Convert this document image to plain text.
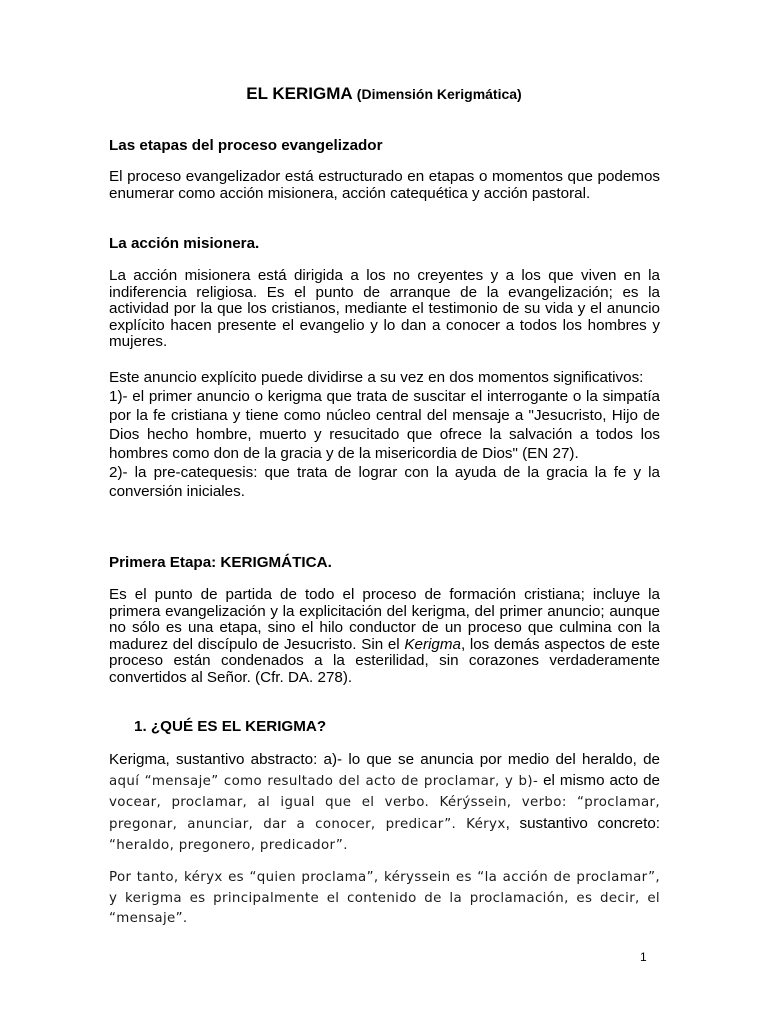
EL KERIGMA (Dimensión Kerigmática)
Las etapas del proceso evangelizador
El proceso evangelizador está estructurado en etapas o momentos que podemos enumerar como acción misionera, acción catequética y acción pastoral.
La acción misionera.
La acción misionera está dirigida a los no creyentes y a los que viven en la indiferencia religiosa. Es el punto de arranque de la evangelización; es la actividad por la que los cristianos, mediante el testimonio de su vida y el anuncio explícito hacen presente el evangelio y lo dan a conocer a todos los hombres y mujeres.
Este anuncio explícito puede dividirse a su vez en dos momentos significativos:
1)- el primer anuncio o kerigma que trata de suscitar el interrogante o la simpatía por la fe cristiana y tiene como núcleo central del mensaje a "Jesucristo, Hijo de Dios hecho hombre, muerto y resucitado que ofrece la salvación a todos los hombres como don de la gracia y de la misericordia de Dios" (EN 27).
2)- la pre-catequesis: que trata de lograr con la ayuda de la gracia la fe y la conversión iniciales.
Primera Etapa: KERIGMÁTICA.
Es el punto de partida de todo el proceso de formación cristiana; incluye la primera evangelización y la explicitación del kerigma, del primer anuncio; aunque no sólo es una etapa, sino el hilo conductor de un proceso que culmina con la madurez del discípulo de Jesucristo. Sin el Kerigma, los demás aspectos de este proceso están condenados a la esterilidad, sin corazones verdaderamente convertidos al Señor. (Cfr. DA. 278).
1. ¿QUÉ ES EL KERIGMA?
Kerigma, sustantivo abstracto: a)- lo que se anuncia por medio del heraldo, de aquí “mensaje” como resultado del acto de proclamar, y b)- el mismo acto de vocear, proclamar, al igual que el verbo. Kérýssein, verbo: “proclamar, pregonar, anunciar, dar a conocer, predicar”. Kéryx, sustantivo concreto: “heraldo, pregonero, predicador”.
Por tanto, kéryx es “quien proclama”, kéryssein es “la acción de proclamar”, y kerigma es principalmente el contenido de la proclamación, es decir, el “mensaje”.
1
